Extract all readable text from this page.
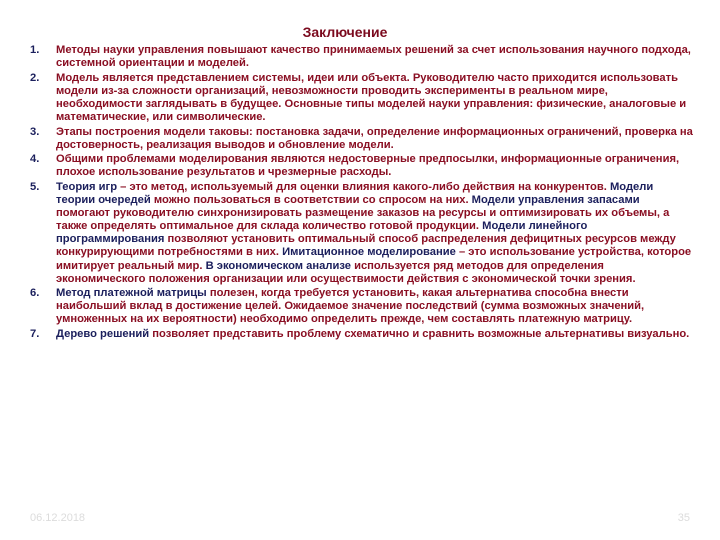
Заключение
1. Методы науки управления повышают качество принимаемых решений за счет использования научного подхода, системной ориентации и моделей.
2. Модель является представлением системы, идеи или объекта. Руководителю часто приходится использовать модели из-за сложности организаций, невозможности проводить эксперименты в реальном мире, необходимости заглядывать в будущее. Основные типы моделей науки управления: физические, аналоговые и математические, или символические.
3. Этапы построения модели таковы: постановка задачи, определение информационных ограничений, проверка на достоверность, реализация выводов и обновление модели.
4. Общими проблемами моделирования являются недостоверные предпосылки, информационные ограничения, плохое использование результатов и чрезмерные расходы.
5. Теория игр – это метод, используемый для оценки влияния какого-либо действия на конкурентов. Модели теории очередей можно пользоваться в соответствии со спросом на них. Модели управления запасами помогают руководителю синхронизировать размещение заказов на ресурсы и оптимизировать их объемы, а также определять оптимальное для склада количество готовой продукции. Модели линейного программирования позволяют установить оптимальный способ распределения дефицитных ресурсов между конкурирующими потребностями в них. Имитационное моделирование – это использование устройства, которое имитирует реальный мир. В экономическом анализе используется ряд методов для определения экономического положения организации или осуществимости действия с экономической точки зрения.
6. Метод платежной матрицы полезен, когда требуется установить, какая альтернатива способна внести наибольший вклад в достижение целей. Ожидаемое значение последствий (сумма возможных значений, умноженных на их вероятности) необходимо определить прежде, чем составлять платежную матрицу.
7. Дерево решений позволяет представить проблему схематично и сравнить возможные альтернативы визуально.
06.12.2018	35
